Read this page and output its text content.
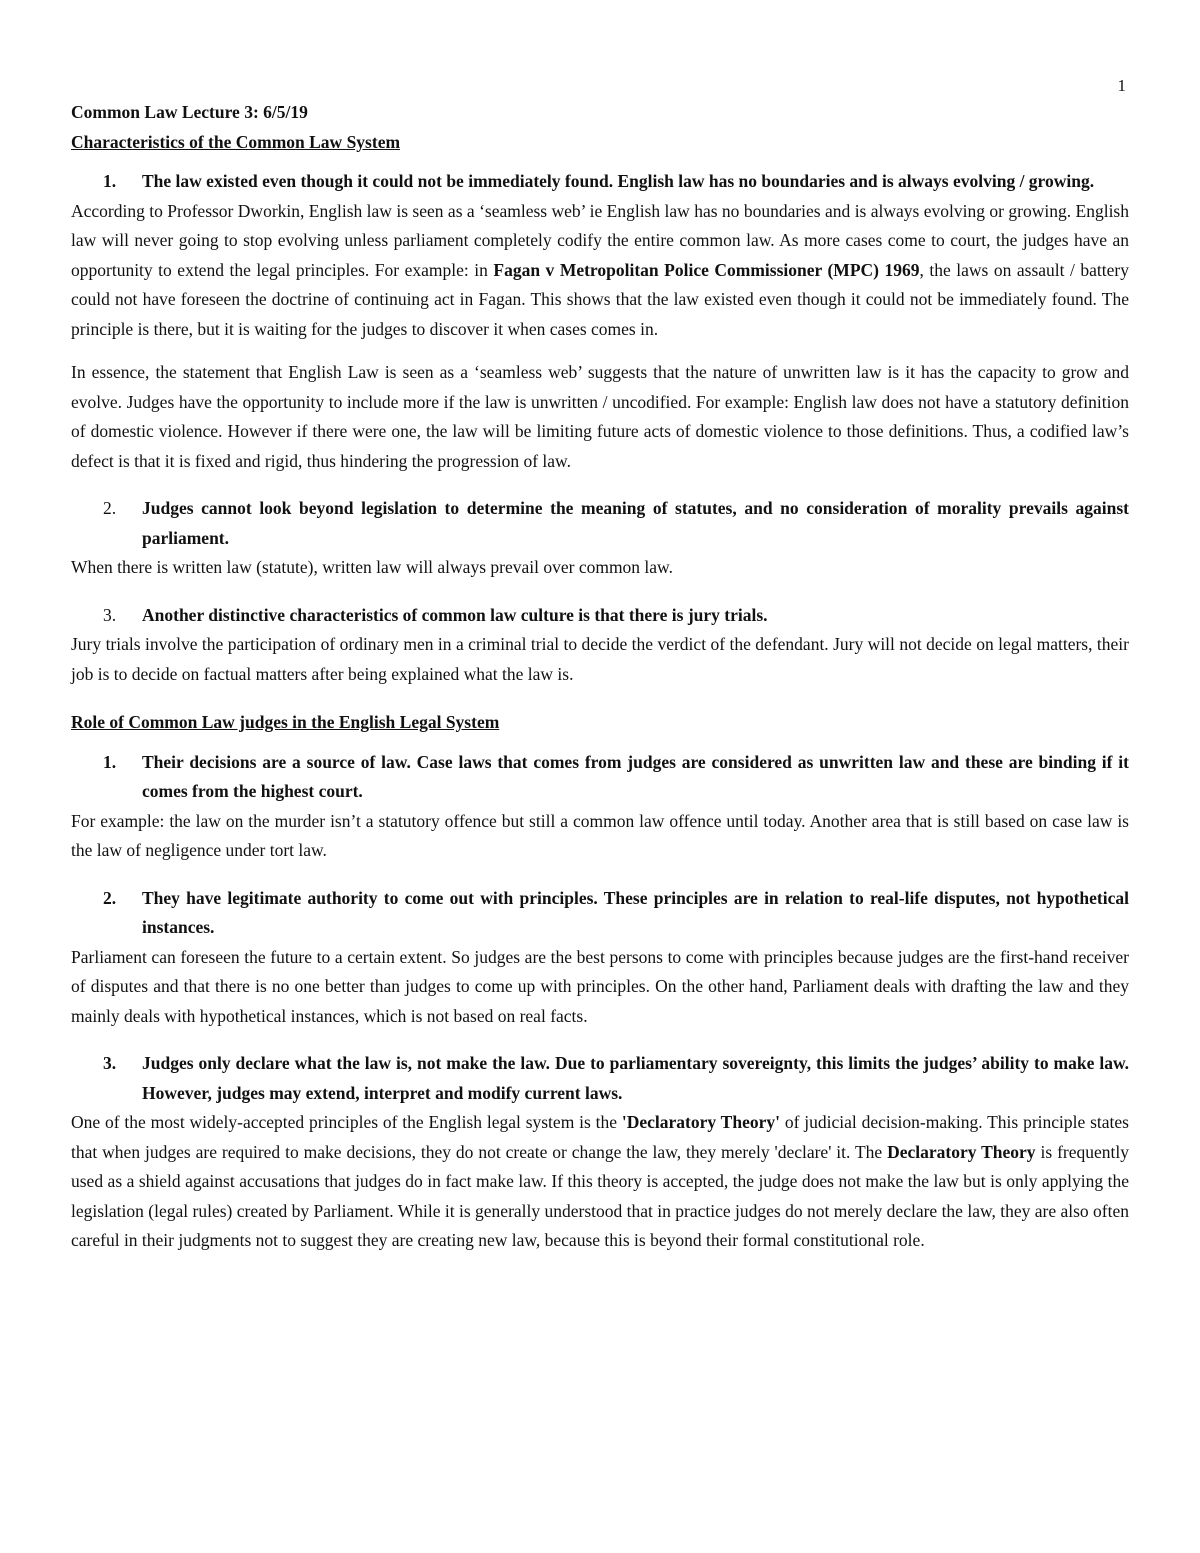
1

Common Law Lecture 3: 6/5/19

Characteristics of the Common Law System

1. The law existed even though it could not be immediately found. English law has no boundaries and is always evolving / growing.

According to Professor Dworkin, English law is seen as a ‘seamless web’ ie English law has no boundaries and is always evolving or growing. English law will never going to stop evolving unless parliament completely codify the entire common law. As more cases come to court, the judges have an opportunity to extend the legal principles. For example: in Fagan v Metropolitan Police Commissioner (MPC) 1969, the laws on assault / battery could not have foreseen the doctrine of continuing act in Fagan. This shows that the law existed even though it could not be immediately found. The principle is there, but it is waiting for the judges to discover it when cases comes in.

In essence, the statement that English Law is seen as a ‘seamless web’ suggests that the nature of unwritten law is it has the capacity to grow and evolve. Judges have the opportunity to include more if the law is unwritten / uncodified. For example: English law does not have a statutory definition of domestic violence. However if there were one, the law will be limiting future acts of domestic violence to those definitions. Thus, a codified law’s defect is that it is fixed and rigid, thus hindering the progression of law.

2. Judges cannot look beyond legislation to determine the meaning of statutes, and no consideration of morality prevails against parliament.

When there is written law (statute), written law will always prevail over common law.

3. Another distinctive characteristics of common law culture is that there is jury trials.

Jury trials involve the participation of ordinary men in a criminal trial to decide the verdict of the defendant. Jury will not decide on legal matters, their job is to decide on factual matters after being explained what the law is.

Role of Common Law judges in the English Legal System

1. Their decisions are a source of law. Case laws that comes from judges are considered as unwritten law and these are binding if it comes from the highest court.

For example: the law on the murder isn’t a statutory offence but still a common law offence until today. Another area that is still based on case law is the law of negligence under tort law.

2. They have legitimate authority to come out with principles. These principles are in relation to real-life disputes, not hypothetical instances.

Parliament can foreseen the future to a certain extent. So judges are the best persons to come with principles because judges are the first-hand receiver of disputes and that there is no one better than judges to come up with principles. On the other hand, Parliament deals with drafting the law and they mainly deals with hypothetical instances, which is not based on real facts.

3. Judges only declare what the law is, not make the law. Due to parliamentary sovereignty, this limits the judges’ ability to make law. However, judges may extend, interpret and modify current laws.

One of the most widely-accepted principles of the English legal system is the 'Declaratory Theory' of judicial decision-making. This principle states that when judges are required to make decisions, they do not create or change the law, they merely 'declare' it. The Declaratory Theory is frequently used as a shield against accusations that judges do in fact make law. If this theory is accepted, the judge does not make the law but is only applying the legislation (legal rules) created by Parliament. While it is generally understood that in practice judges do not merely declare the law, they are also often careful in their judgments not to suggest they are creating new law, because this is beyond their formal constitutional role.
